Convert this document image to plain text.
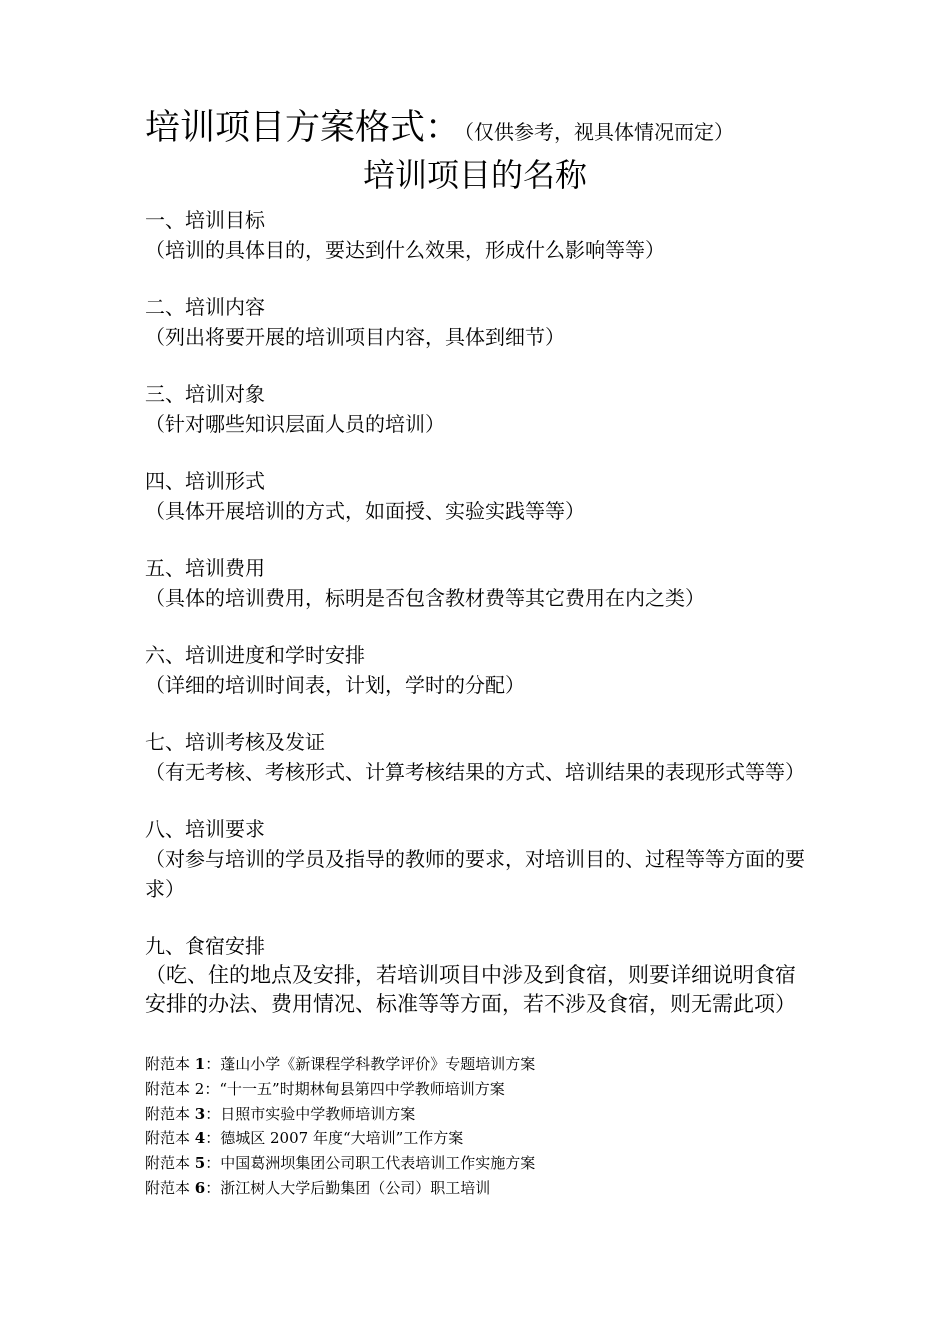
培训项目方案格式： （仅供参考，视具体情况而定）
培训项目的名称
一、培训目标
（培训的具体目的，要达到什么效果，形成什么影响等等）
二、培训内容
（列出将要开展的培训项目内容，具体到细节）
三、培训对象
（针对哪些知识层面人员的培训）
四、培训形式
（具体开展培训的方式，如面授、实验实践等等）
五、培训费用
（具体的培训费用，标明是否包含教材费等其它费用在内之类）
六、培训进度和学时安排
（详细的培训时间表，计划，学时的分配）
七、培训考核及发证
（有无考核、考核形式、计算考核结果的方式、培训结果的表现形式等等）
八、培训要求
（对参与培训的学员及指导的教师的要求，对培训目的、过程等等方面的要求）
九、食宿安排
（吃、住的地点及安排，若培训项目中涉及到食宿，则要详细说明食宿安排的办法、费用情况、标准等等方面，若不涉及食宿，则无需此项）
附范本 1：蓬山小学《新课程学科教学评价》专题培训方案
附范本 2：“十一五”时期林甸县第四中学教师培训方案
附范本 3：日照市实验中学教师培训方案
附范本 4：德城区 2007 年度“大培训”工作方案
附范本 5：中国葛洲坝集团公司职工代表培训工作实施方案
附范本 6：浙江树人大学后勤集团（公司）职工培训
